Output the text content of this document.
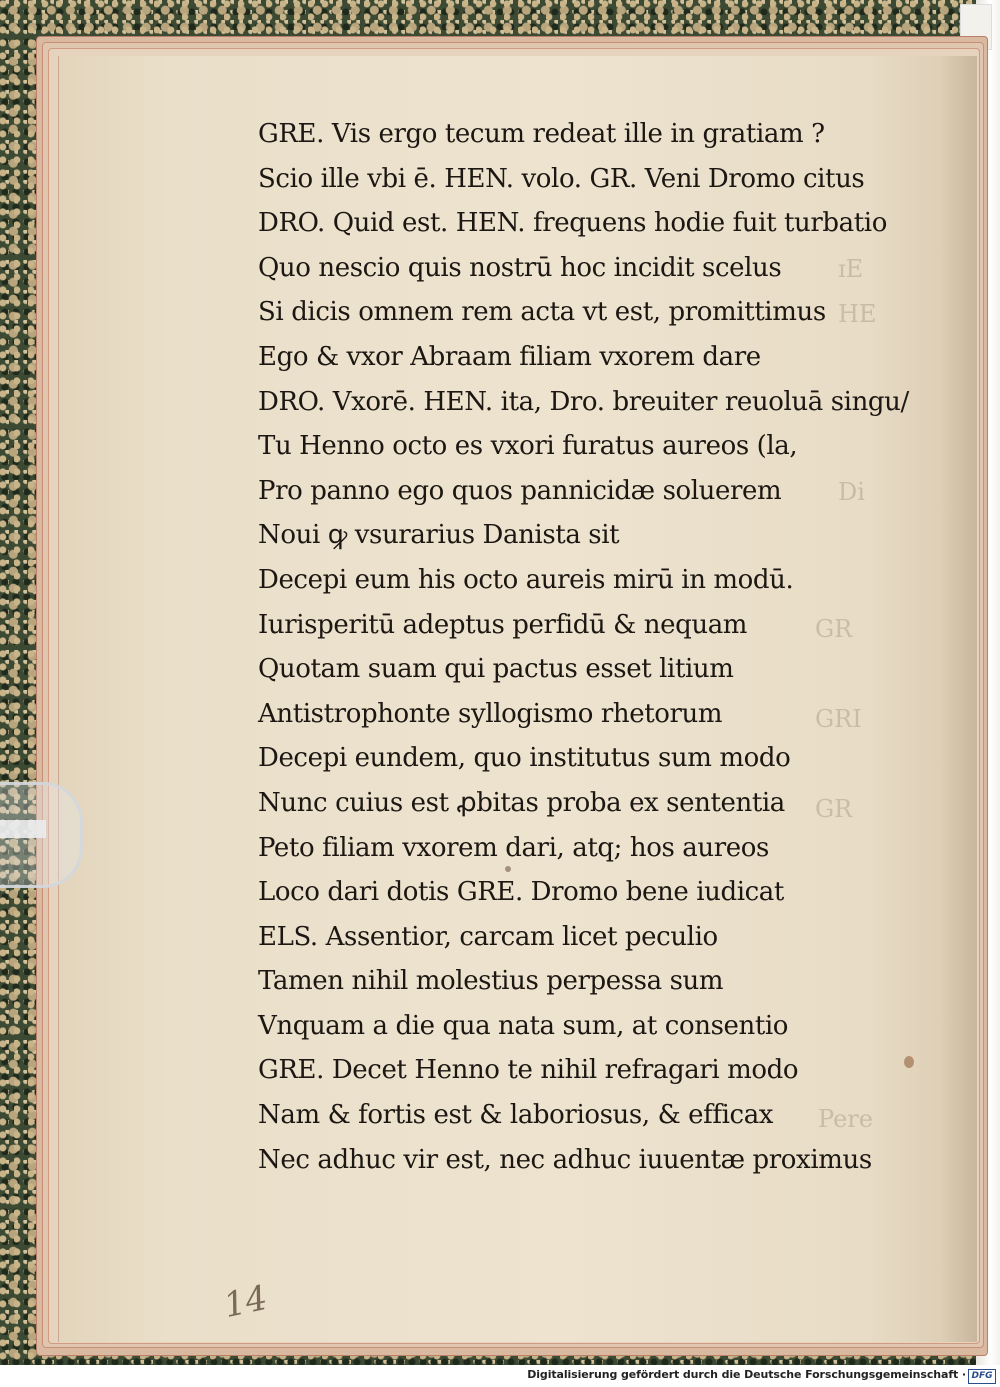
ɪE
HE
Di
GR
GRI
GR
Pere
GRE. Vis ergo tecum redeat ille in gratiam ?
Scio ille vbi ē. HEN. volo. GR. Veni Dromo citus
DRO. Quid est. HEN. frequens hodie fuit turbatio
Quo nescio quis nostrū hoc incidit scelus
Si dicis omnem rem acta vt est, promittimus
Ego & vxor Abraam filiam vxorem dare
DRO. Vxorē. HEN. ita, Dro. breuiter reuoluā singu/
Tu Henno octo es vxori furatus aureos (la,
Pro panno ego quos pannicidæ soluerem
Noui ꝙ vsurarius Danista sit
Decepi eum his octo aureis mirū in modū.
Iurisperitū adeptus perfidū & nequam
Quotam suam qui pactus esset litium
Antistrophonte syllogismo rhetorum
Decepi eundem, quo institutus sum modo
Nunc cuius est ꝓbitas proba ex sententia
Peto filiam vxorem dari, atq; hos aureos
Loco dari dotis GRE. Dromo bene iudicat
ELS. Assentior, carcam licet peculio
Tamen nihil molestius perpessa sum
Vnquam a die qua nata sum, at consentio
GRE. Decet Henno te nihil refragari modo
Nam & fortis est & laboriosus, & efficax
Nec adhuc vir est, nec adhuc iuuentæ proximus
14
Digitalisierung gefördert durch die Deutsche Forschungsgemeinschaft · DFG
